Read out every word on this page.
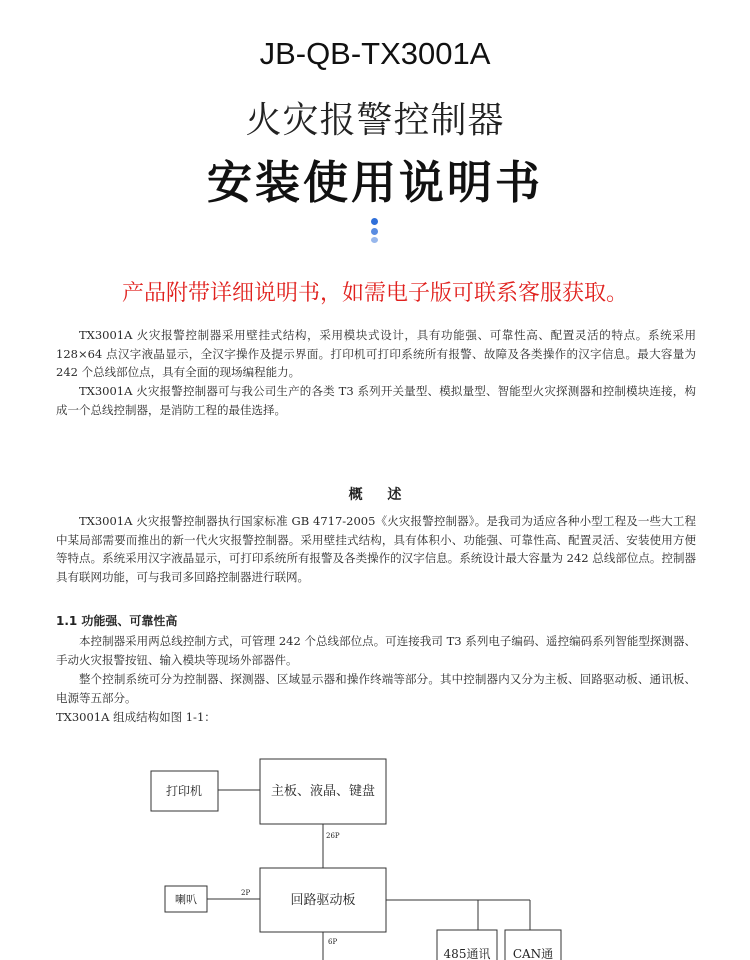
JB-QB-TX3001A
火灾报警控制器
安装使用说明书
产品附带详细说明书，如需电子版可联系客服获取。

TX3001A 火灾报警控制器采用壁挂式结构，采用模块式设计，具有功能强、可靠性高、配置灵活的特点。系统采用 128×64 点汉字液晶显示，全汉字操作及提示界面。打印机可打印系统所有报警、故障及各类操作的汉字信息。最大容量为 242 个总线部位点，具有全面的现场编程能力。

TX3001A 火灾报警控制器可与我公司生产的各类 T3 系列开关量型、模拟量型、智能型火灾探测器和控制模块连接，构成一个总线控制器，是消防工程的最佳选择。

概 述

TX3001A 火灾报警控制器执行国家标准 GB 4717-2005《火灾报警控制器》。是我司为适应各种小型工程及一些大工程中某局部需要而推出的新一代火灾报警控制器。采用壁挂式结构，具有体积小、功能强、可靠性高、配置灵活、安装使用方便等特点。系统采用汉字液晶显示，可打印系统所有报警及各类操作的汉字信息。系统设计最大容量为 242 总线部位点。控制器具有联网功能，可与我司多回路控制器进行联网。

1.1 功能强、可靠性高

本控制器采用两总线控制方式，可管理 242 个总线部位点。可连接我司 T3 系列电子编码、遥控编码系列智能型探测器、手动火灾报警按钮、输入模块等现场外部器件。

整个控制系统可分为控制器、探测器、区域显示器和操作终端等部分。其中控制器内又分为主板、回路驱动板、通讯板、电源等五部分。

TX3001A 组成结构如图 1-1：

打印机	主板、液晶、键盘
喇叭	回路驱动板
485通讯 CAN通
26P
2P
6P
